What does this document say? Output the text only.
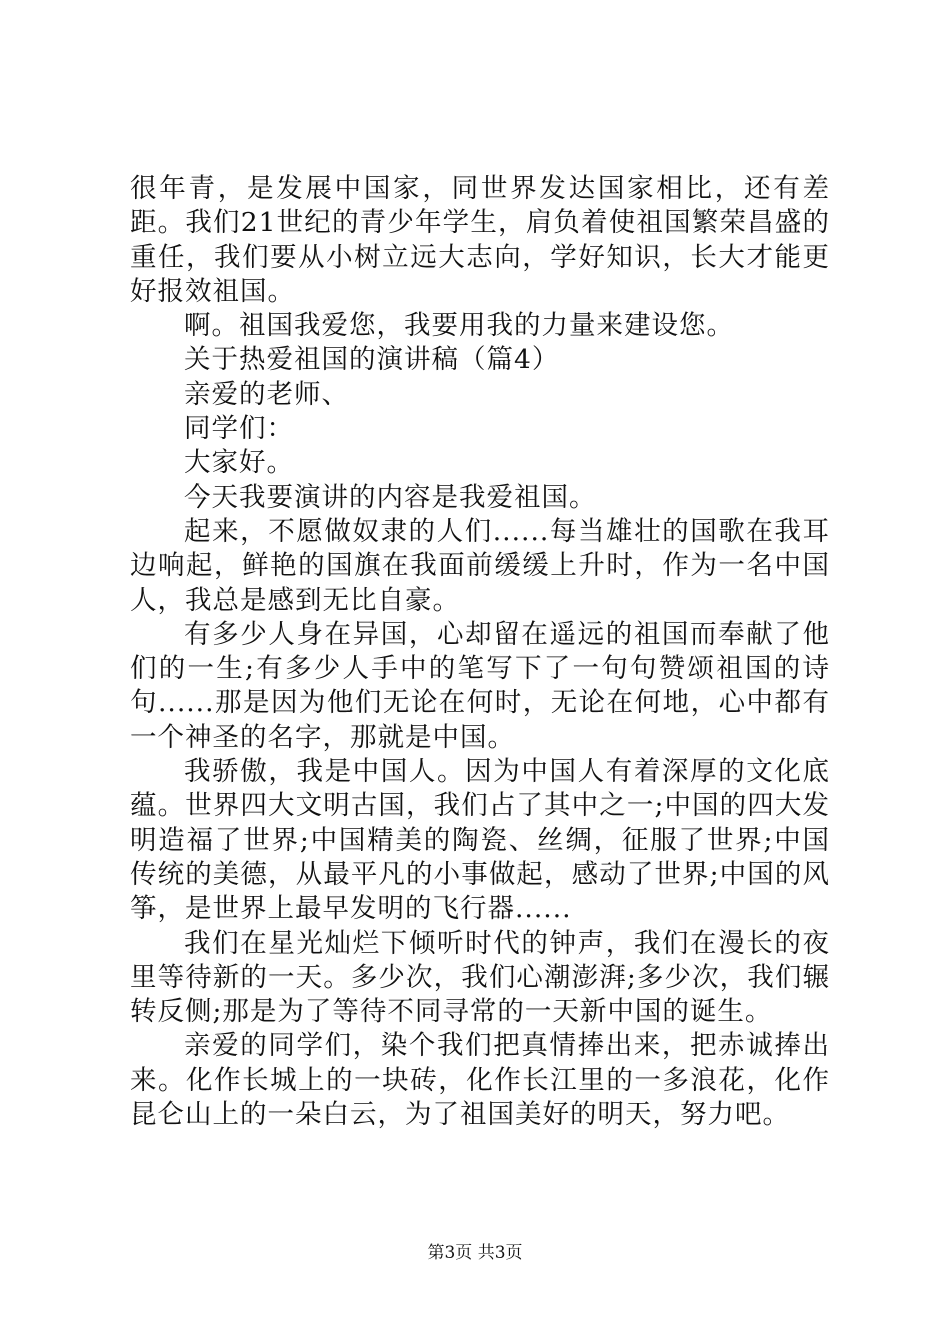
很年青，是发展中国家，同世界发达国家相比，还有差距。我们21世纪的青少年学生，肩负着使祖国繁荣昌盛的重任，我们要从小树立远大志向，学好知识，长大才能更好报效祖国。

啊。祖国我爱您，我要用我的力量来建设您。

关于热爱祖国的演讲稿（篇4）

亲爱的老师、

同学们：

大家好。

今天我要演讲的内容是我爱祖国。

起来，不愿做奴隶的人们......每当雄壮的国歌在我耳边响起，鲜艳的国旗在我面前缓缓上升时，作为一名中国人，我总是感到无比自豪。

有多少人身在异国，心却留在遥远的祖国而奉献了他们的一生;有多少人手中的笔写下了一句句赞颂祖国的诗句......那是因为他们无论在何时，无论在何地，心中都有一个神圣的名字，那就是中国。

我骄傲，我是中国人。因为中国人有着深厚的文化底蕴。世界四大文明古国，我们占了其中之一;中国的四大发明造福了世界;中国精美的陶瓷、丝绸，征服了世界;中国传统的美德，从最平凡的小事做起，感动了世界;中国的风筝，是世界上最早发明的飞行器......

我们在星光灿烂下倾听时代的钟声，我们在漫长的夜里等待新的一天。多少次，我们心潮澎湃;多少次，我们辗转反侧;那是为了等待不同寻常的一天新中国的诞生。

亲爱的同学们，染个我们把真情捧出来，把赤诚捧出来。化作长城上的一块砖，化作长江里的一多浪花，化作昆仑山上的一朵白云，为了祖国美好的明天，努力吧。

第3页 共3页
